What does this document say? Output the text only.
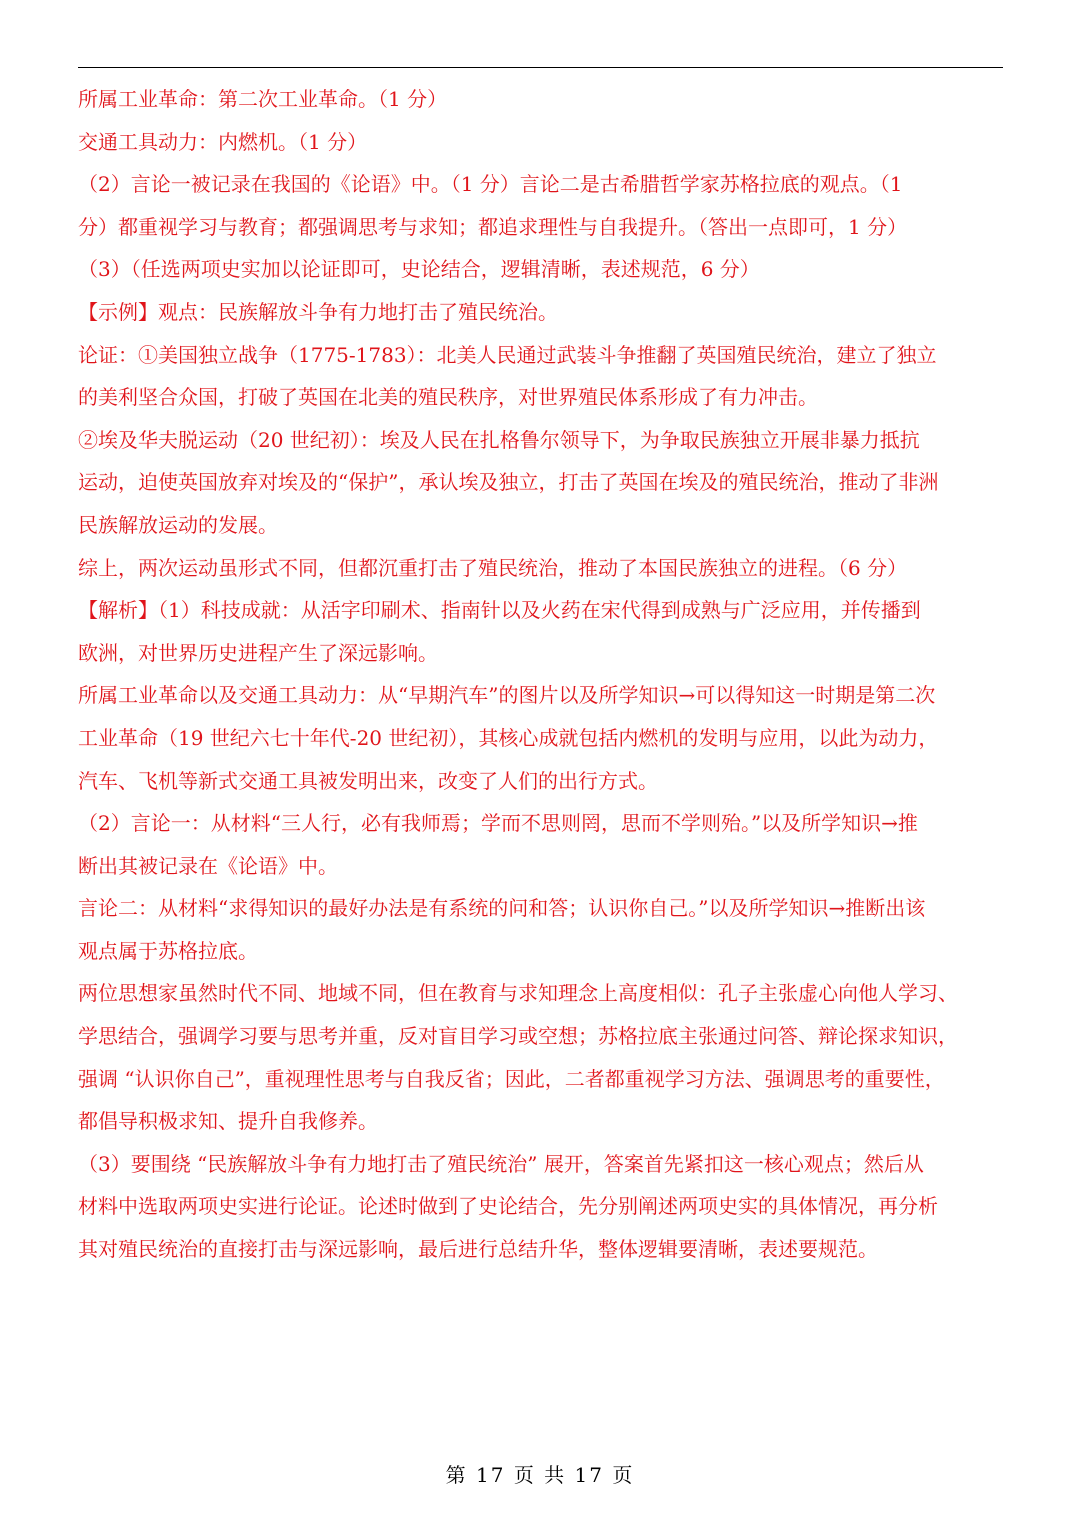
所属工业革命：第二次工业革命。（1 分）
交通工具动力：内燃机。（1 分）
（2）言论一被记录在我国的《论语》中。（1 分）言论二是古希腊哲学家苏格拉底的观点。（1
分）都重视学习与教育；都强调思考与求知；都追求理性与自我提升。（答出一点即可，1 分）
（3）（任选两项史实加以论证即可，史论结合，逻辑清晰，表述规范，6 分）
【示例】观点：民族解放斗争有力地打击了殖民统治。
论证：①美国独立战争（1775-1783）：北美人民通过武装斗争推翻了英国殖民统治，建立了独立
的美利坚合众国，打破了英国在北美的殖民秩序，对世界殖民体系形成了有力冲击。
②埃及华夫脱运动（20 世纪初）：埃及人民在扎格鲁尔领导下，为争取民族独立开展非暴力抵抗
运动，迫使英国放弃对埃及的“保护”，承认埃及独立，打击了英国在埃及的殖民统治，推动了非洲
民族解放运动的发展。
综上，两次运动虽形式不同，但都沉重打击了殖民统治，推动了本国民族独立的进程。（6 分）
【解析】（1）科技成就：从活字印刷术、指南针以及火药在宋代得到成熟与广泛应用，并传播到
欧洲，对世界历史进程产生了深远影响。
所属工业革命以及交通工具动力：从“早期汽车”的图片以及所学知识→可以得知这一时期是第二次
工业革命（19 世纪六七十年代-20 世纪初），其核心成就包括内燃机的发明与应用，以此为动力，
汽车、飞机等新式交通工具被发明出来，改变了人们的出行方式。
（2）言论一：从材料“三人行，必有我师焉；学而不思则罔，思而不学则殆。”以及所学知识→推
断出其被记录在《论语》中。
言论二：从材料“求得知识的最好办法是有系统的问和答；认识你自己。”以及所学知识→推断出该
观点属于苏格拉底。
两位思想家虽然时代不同、地域不同，但在教育与求知理念上高度相似：孔子主张虚心向他人学习、
学思结合，强调学习要与思考并重，反对盲目学习或空想；苏格拉底主张通过问答、辩论探求知识，
强调 “认识你自己”，重视理性思考与自我反省；因此，二者都重视学习方法、强调思考的重要性，
都倡导积极求知、提升自我修养。
（3）要围绕 “民族解放斗争有力地打击了殖民统治” 展开，答案首先紧扣这一核心观点；然后从
材料中选取两项史实进行论证。论述时做到了史论结合，先分别阐述两项史实的具体情况，再分析
其对殖民统治的直接打击与深远影响，最后进行总结升华，整体逻辑要清晰，表述要规范。
第 17 页 共 17 页
